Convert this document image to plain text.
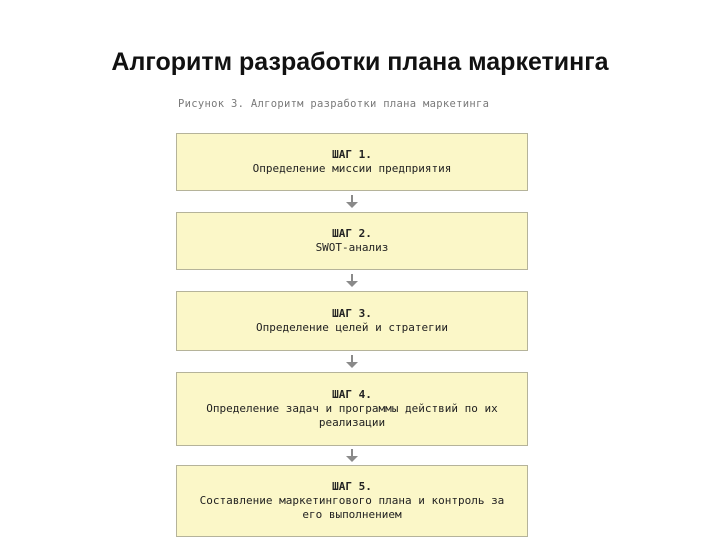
Алгоритм разработки плана маркетинга
Рисунок 3. Алгоритм разработки плана маркетинга
ШАГ 1.
Определение миссии предприятия
ШАГ 2.
SWOT-анализ
ШАГ 3.
Определение целей и стратегии
ШАГ 4.
Определение задач и программы действий по их реализации
ШАГ 5.
Составление маркетингового плана и контроль за его выполнением
